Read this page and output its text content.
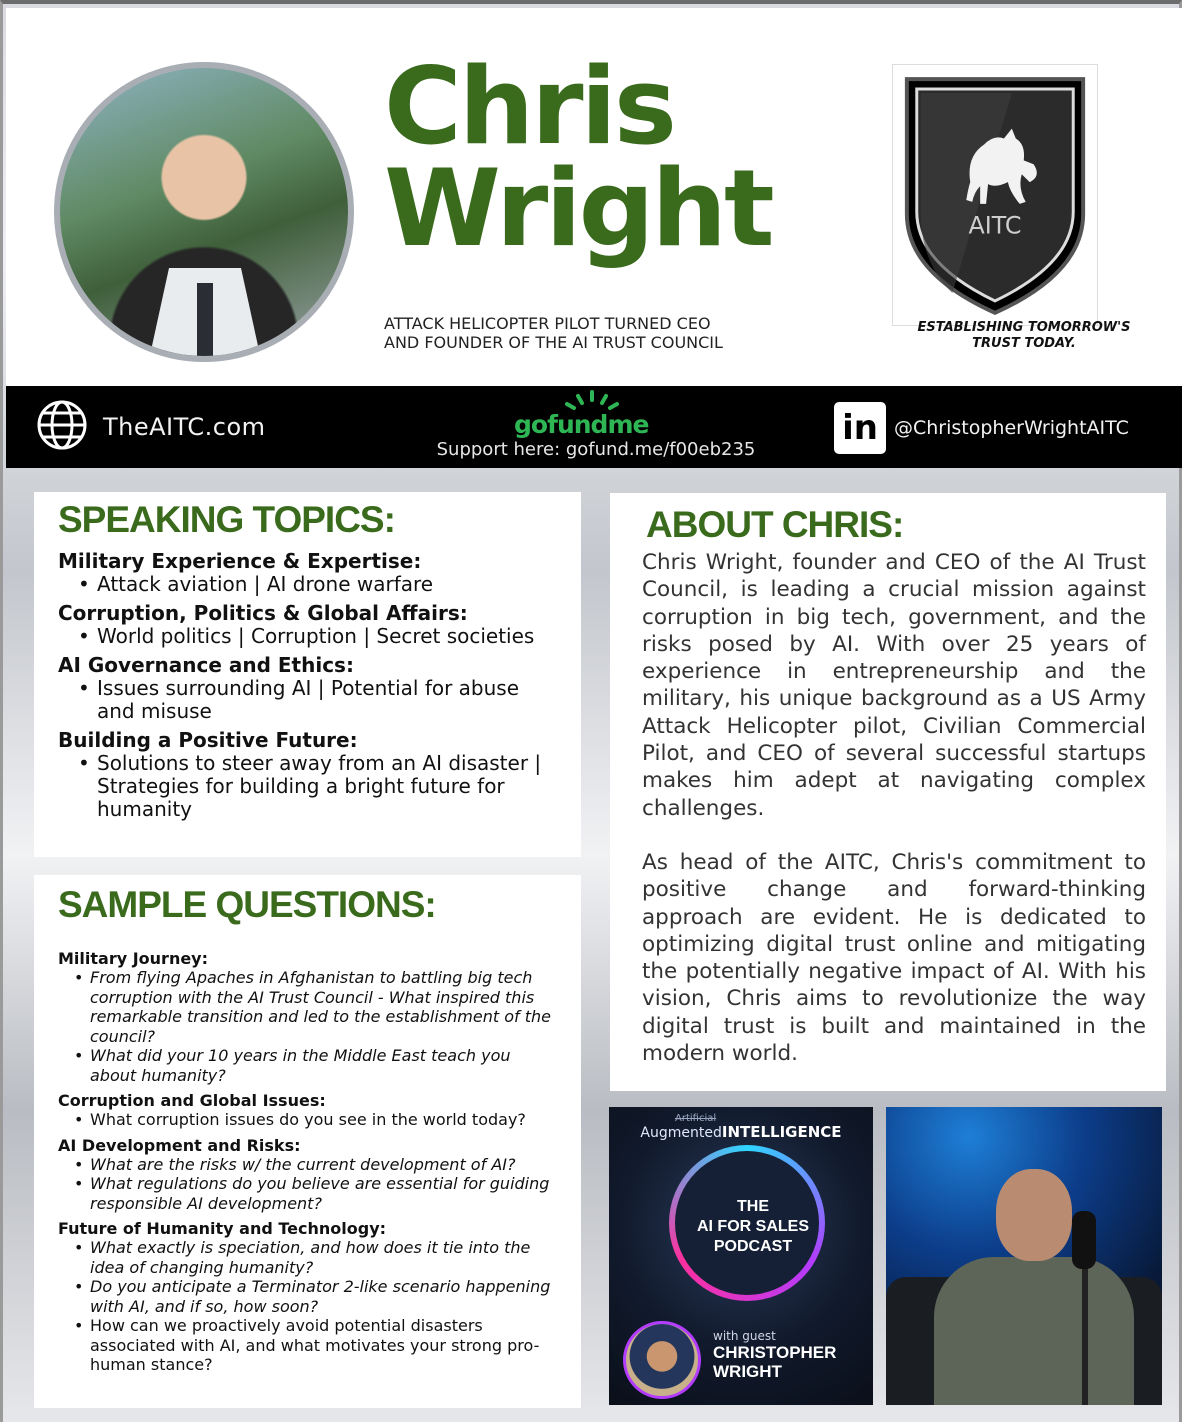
Chris
Wright
ATTACK HELICOPTER PILOT TURNED CEO
AND FOUNDER OF THE AI TRUST COUNCIL
AITC
ESTABLISHING TOMORROW'S
TRUST TODAY.
TheAITC.com	gofundme
Support here: gofund.me/f00eb235
in @ChristopherWrightAITC
SPEAKING TOPICS:
Military Experience & Expertise:
• Attack aviation | AI drone warfare
Corruption, Politics & Global Affairs:
• World politics | Corruption | Secret societies
AI Governance and Ethics:
• Issues surrounding AI | Potential for abuse and misuse
Building a Positive Future:
• Solutions to steer away from an AI disaster | Strategies for building a bright future for humanity
SAMPLE QUESTIONS:
Military Journey:
• From flying Apaches in Afghanistan to battling big tech corruption with the AI Trust Council - What inspired this remarkable transition and led to the establishment of the council?
• What did your 10 years in the Middle East teach you about humanity?
Corruption and Global Issues:
• What corruption issues do you see in the world today?
AI Development and Risks:
• What are the risks w/ the current development of AI?
• What regulations do you believe are essential for guiding responsible AI development?
Future of Humanity and Technology:
• What exactly is speciation, and how does it tie into the idea of changing humanity?
• Do you anticipate a Terminator 2-like scenario happening with AI, and if so, how soon?
• How can we proactively avoid potential disasters associated with AI, and what motivates your strong pro-human stance?
ABOUT CHRIS:

Chris Wright, founder and CEO of the AI Trust Council, is leading a crucial mission against corruption in big tech, government, and the risks posed by AI. With over 25 years of experience in entrepreneurship and the military, his unique background as a US Army Attack Helicopter pilot, Civilian Commercial Pilot, and CEO of several successful startups makes him adept at navigating complex challenges.

As head of the AITC, Chris's commitment to positive change and forward-thinking approach are evident. He is dedicated to optimizing digital trust online and mitigating the potentially negative impact of AI. With his vision, Chris aims to revolutionize the way digital trust is built and maintained in the modern world.

Artificial
AugmentedINTELLIGENCE
THE
AI FOR SALES
PODCAST
with guest
CHRISTOPHER
WRIGHT
